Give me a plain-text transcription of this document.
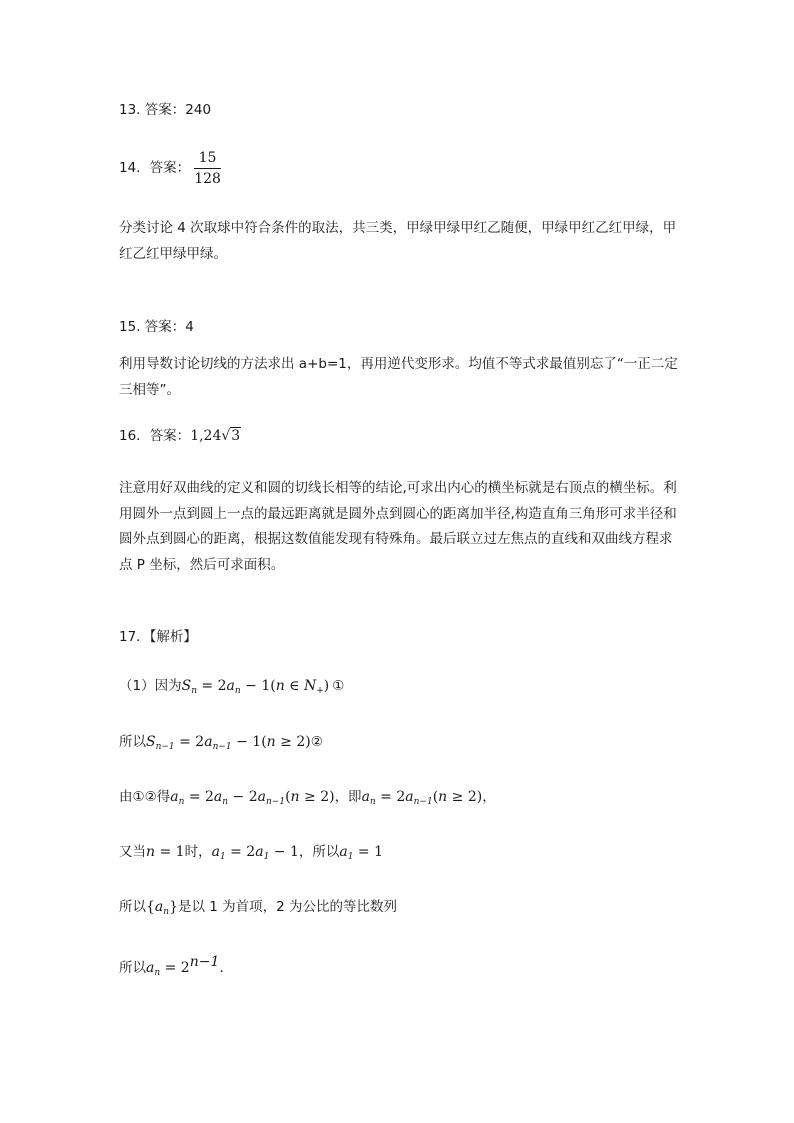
13. 答案：240
14．答案： $\frac{15}{128}$
分类讨论 4 次取球中符合条件的取法，共三类，甲绿甲绿甲红乙随便，甲绿甲红乙红甲绿，甲红乙红甲绿甲绿。
15. 答案：4
利用导数讨论切线的方法求出 a+b=1，再用逆代变形求。均值不等式求最值别忘了“一正二定三相等”。
16．答案：1,24√3
注意用好双曲线的定义和圆的切线长相等的结论,可求出内心的横坐标就是右顶点的横坐标。利用圆外一点到圆上一点的最远距离就是圆外点到圆心的距离加半径,构造直角三角形可求半径和圆外点到圆心的距离，根据这数值能发现有特殊角。最后联立过左焦点的直线和双曲线方程求点 P 坐标，然后可求面积。
17．【解析】
（1）因为$S_n = 2a_n - 1(n$ ∈ $N_+$) ①
所以$S_{n-1} = 2a_{n-1} - 1(n$ ≥ 2)②
由①②得$a_n = 2a_n - 2a_{n-1}(n \ge 2)$，即$a_n = 2a_{n-1}(n \ge 2)$，
又当n = 1时，$a_1 = 2a_1 - 1$，所以$a_1 = 1$
所以$\{a_n\}$是以 1 为首项，2 为公比的等比数列
所以$a_n = 2^{n-1}$.
